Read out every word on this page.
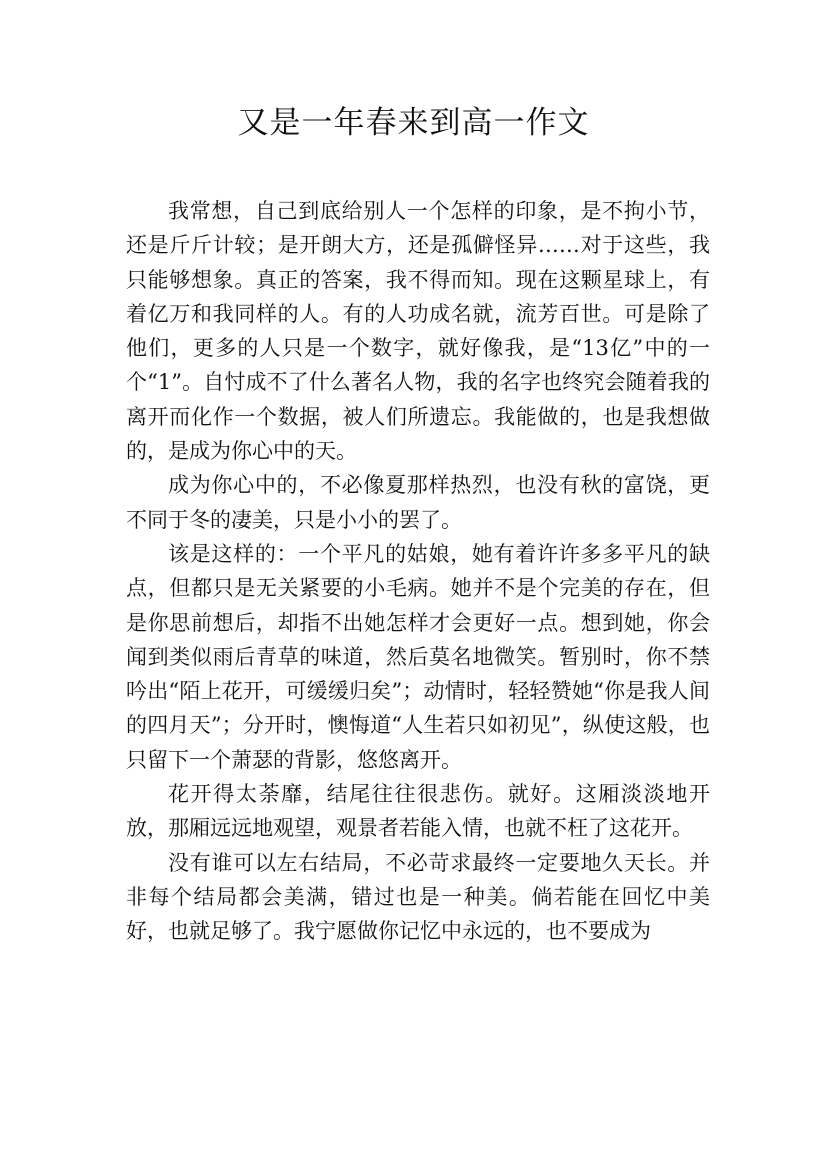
又是一年春来到高一作文

我常想，自己到底给别人一个怎样的印象，是不拘小节，还是斤斤计较；是开朗大方，还是孤僻怪异……对于这些，我只能够想象。真正的答案，我不得而知。现在这颗星球上，有着亿万和我同样的人。有的人功成名就，流芳百世。可是除了他们，更多的人只是一个数字，就好像我，是“13亿”中的一个“1”。自忖成不了什么著名人物，我的名字也终究会随着我的离开而化作一个数据，被人们所遗忘。我能做的，也是我想做的，是成为你心中的天。

成为你心中的，不必像夏那样热烈，也没有秋的富饶，更不同于冬的凄美，只是小小的罢了。

该是这样的：一个平凡的姑娘，她有着许许多多平凡的缺点，但都只是无关紧要的小毛病。她并不是个完美的存在，但是你思前想后，却指不出她怎样才会更好一点。想到她，你会闻到类似雨后青草的味道，然后莫名地微笑。暂别时，你不禁吟出“陌上花开，可缓缓归矣”；动情时，轻轻赞她“你是我人间的四月天”；分开时，懊悔道“人生若只如初见”，纵使这般，也只留下一个萧瑟的背影，悠悠离开。

花开得太荼靡，结尾往往很悲伤。就好。这厢淡淡地开放，那厢远远地观望，观景者若能入情，也就不枉了这花开。

没有谁可以左右结局，不必苛求最终一定要地久天长。并非每个结局都会美满，错过也是一种美。倘若能在回忆中美好，也就足够了。我宁愿做你记忆中永远的，也不要成为
